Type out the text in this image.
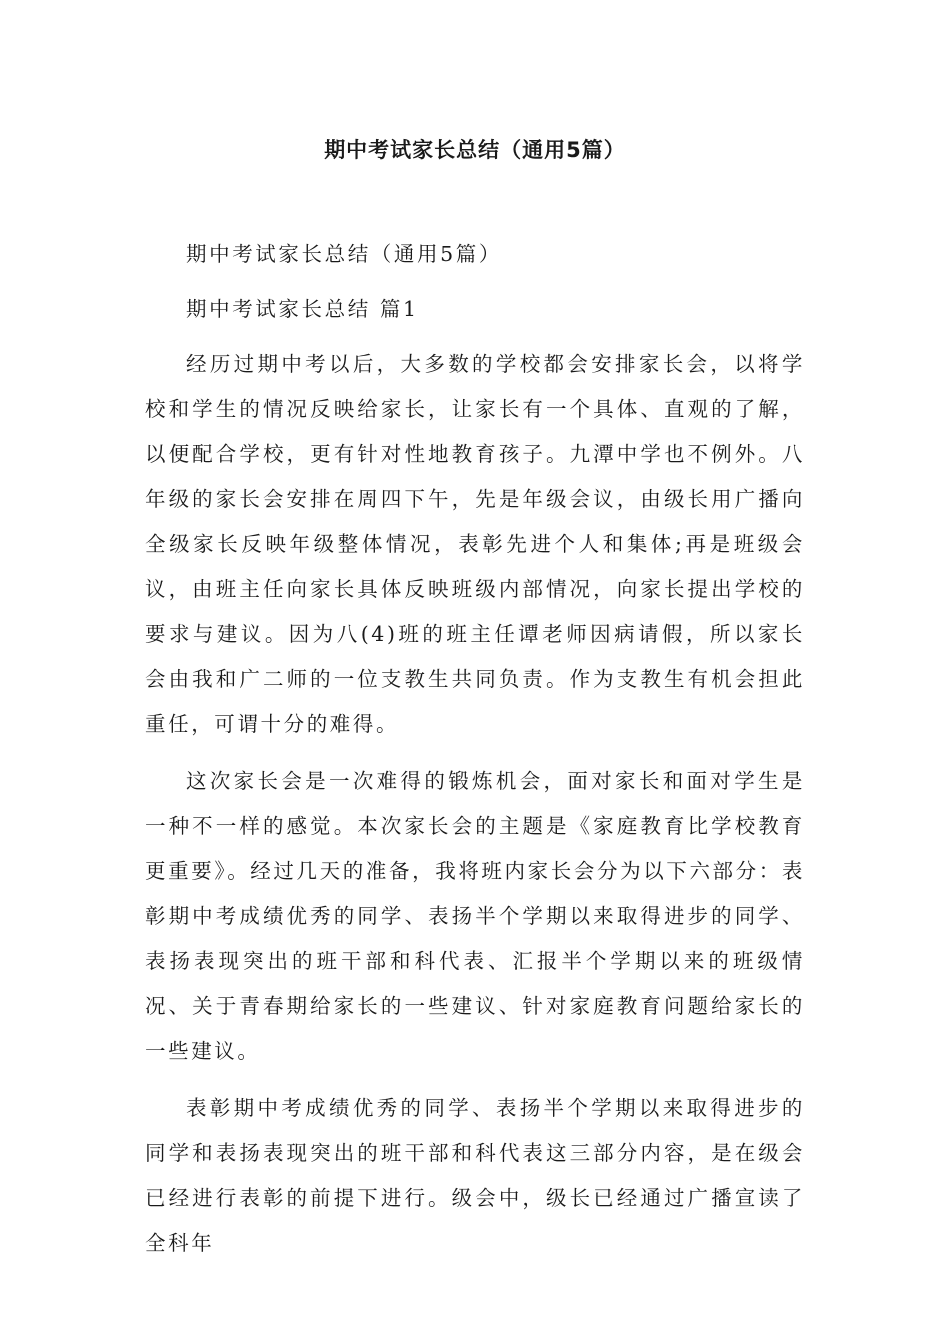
期中考试家长总结（通用5篇）

期中考试家长总结（通用5篇）

期中考试家长总结 篇1

经历过期中考以后，大多数的学校都会安排家长会，以将学校和学生的情况反映给家长，让家长有一个具体、直观的了解，以便配合学校，更有针对性地教育孩子。九潭中学也不例外。八年级的家长会安排在周四下午，先是年级会议，由级长用广播向全级家长反映年级整体情况，表彰先进个人和集体;再是班级会议，由班主任向家长具体反映班级内部情况，向家长提出学校的要求与建议。因为八(4)班的班主任谭老师因病请假，所以家长会由我和广二师的一位支教生共同负责。作为支教生有机会担此重任，可谓十分的难得。

这次家长会是一次难得的锻炼机会，面对家长和面对学生是一种不一样的感觉。本次家长会的主题是《家庭教育比学校教育更重要》。经过几天的准备，我将班内家长会分为以下六部分：表彰期中考成绩优秀的同学、表扬半个学期以来取得进步的同学、表扬表现突出的班干部和科代表、汇报半个学期以来的班级情况、关于青春期给家长的一些建议、针对家庭教育问题给家长的一些建议。

表彰期中考成绩优秀的同学、表扬半个学期以来取得进步的同学和表扬表现突出的班干部和科代表这三部分内容，是在级会已经进行表彰的前提下进行。级会中，级长已经通过广播宣读了全科年
